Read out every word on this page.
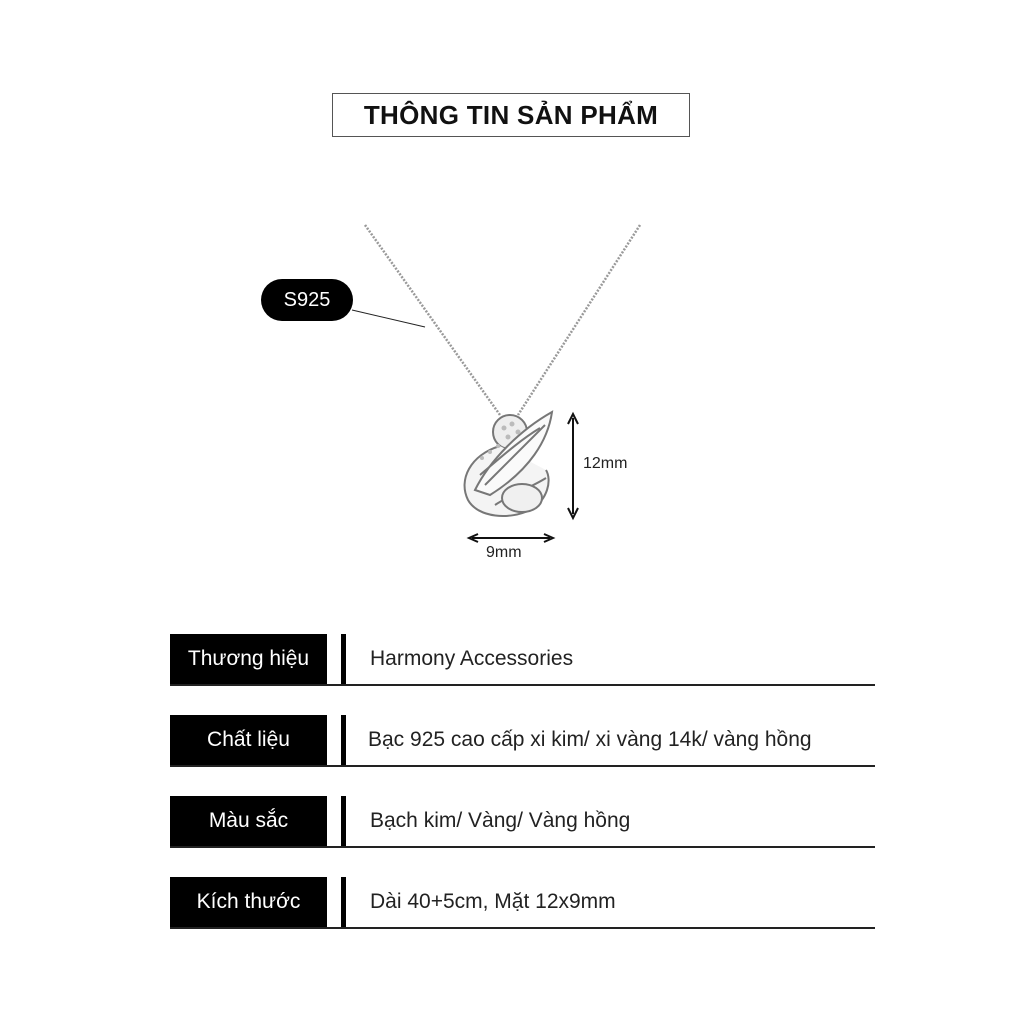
THÔNG TIN SẢN PHẨM
S925
12mm
9mm
Thương hiệu	Harmony Accessories
Chất liệu	Bạc 925 cao cấp xi kim/ xi vàng 14k/ vàng hồng
Màu sắc	Bạch kim/ Vàng/ Vàng hồng
Kích thước	Dài 40+5cm, Mặt 12x9mm
